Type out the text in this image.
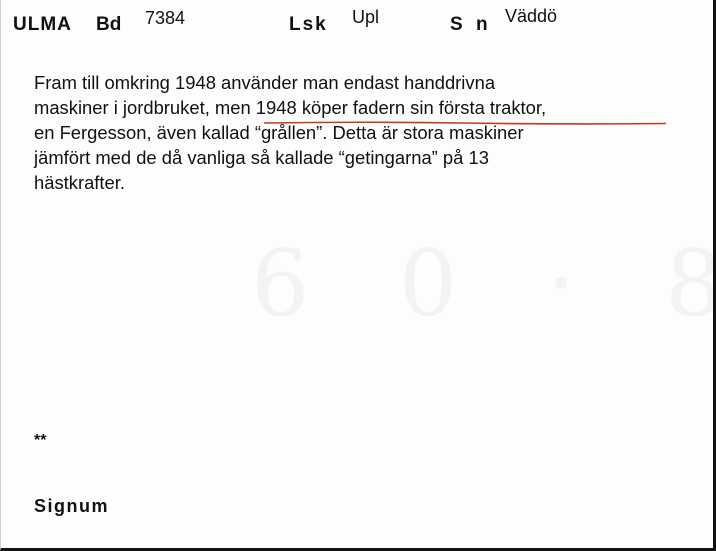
ULMA Bd 7384	Lsk Upl	S n Väddö
Fram till omkring 1948 använder man endast handdrivna
maskiner i jordbruket, men 1948 köper fadern sin första traktor,
en Fergesson, även kallad “grållen”. Detta är stora maskiner
jämfört med de då vanliga så kallade “getingarna” på 13
hästkrafter.
**
Signum
